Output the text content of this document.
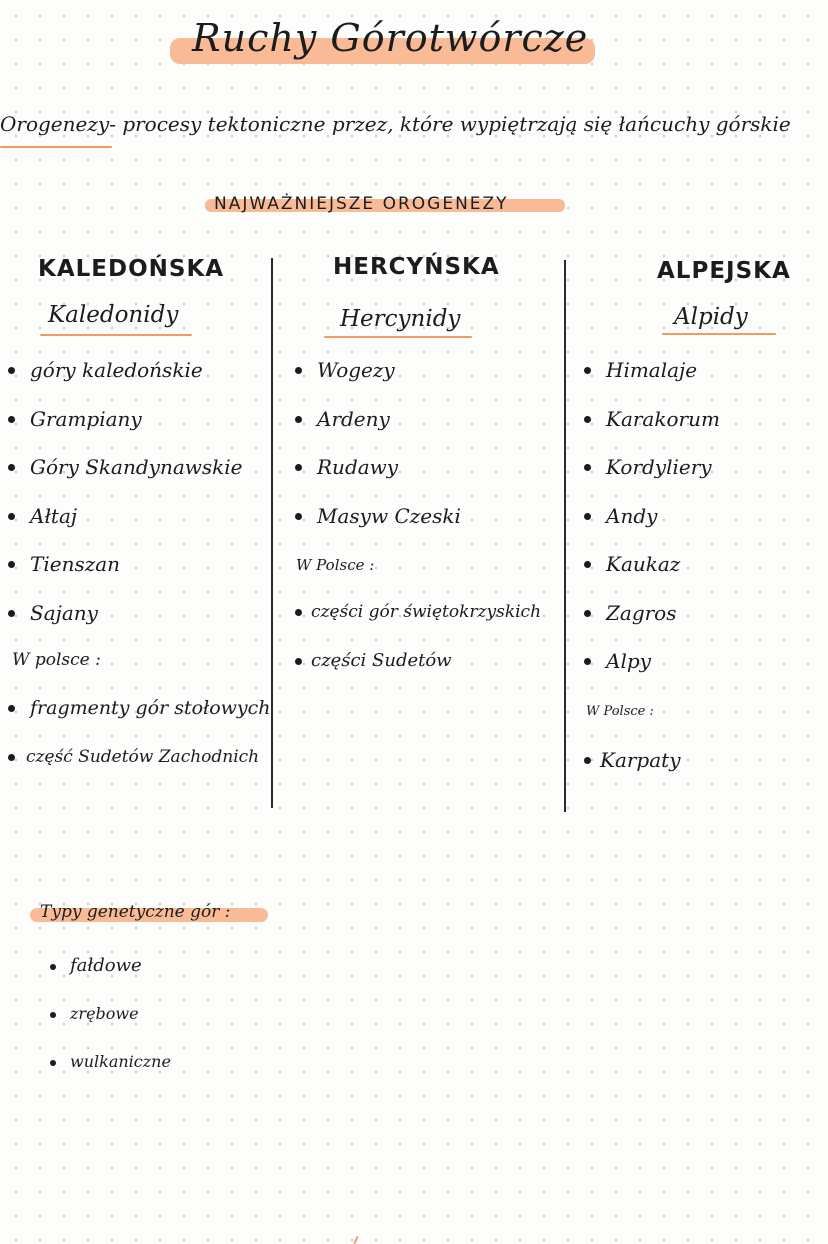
Ruchy Górotwórcze
Orogenezy- procesy tektoniczne przez, które wypiętrzają się łańcuchy górskie
NAJWAŻNIEJSZE OROGENEZY
KALEDOŃSKA
Kaledonidy
góry kaledońskie
Grampiany
Góry Skandynawskie
Ałtaj
Tienszan
Sajany
W polsce :
fragmenty gór stołowych
część Sudetów Zachodnich
HERCYŃSKA
Hercynidy
Wogezy
Ardeny
Rudawy
Masyw Czeski
W Polsce :
części gór świętokrzyskich
części Sudetów
ALPEJSKA
Alpidy
Himalaje
Karakorum
Kordyliery
Andy
Kaukaz
Zagros
Alpy
W Polsce :
Karpaty
Typy genetyczne gór :
fałdowe
zrębowe
wulkaniczne
